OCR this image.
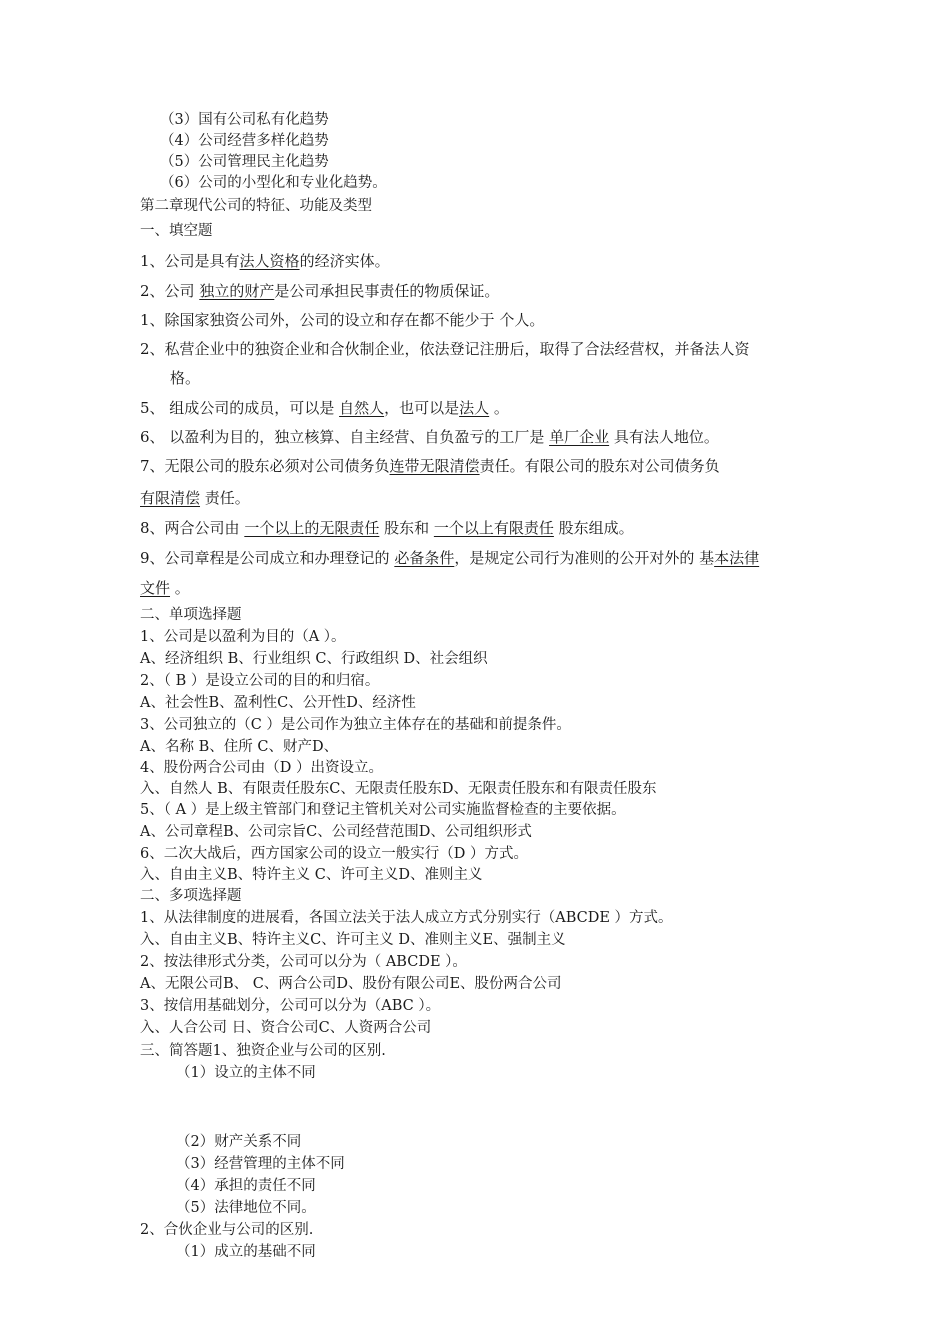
（3）国有公司私有化趋势
（4）公司经营多样化趋势
（5）公司管理民主化趋势
（6）公司的小型化和专业化趋势。
第二章现代公司的特征、功能及类型
一、填空题
1、公司是具有法人资格的经济实体。
2、公司 独立的财产是公司承担民事责任的物质保证。
1、除国家独资公司外，公司的设立和存在都不能少于 个人。
2、私营企业中的独资企业和合伙制企业，依法登记注册后，取得了合法经营权，并备法人资
格。
5、 组成公司的成员，可以是 自然人，也可以是法人 。
6、 以盈利为目的，独立核算、自主经营、自负盈亏的工厂是 单厂企业 具有法人地位。
7、无限公司的股东必须对公司债务负连带无限清偿责任。有限公司的股东对公司债务负
有限清偿 责任。
8、两合公司由 一个以上的无限责任 股东和 一个以上有限责任 股东组成。
9、公司章程是公司成立和办理登记的 必备条件，是规定公司行为准则的公开对外的 基本法律
文件 。
二、单项选择题
1、公司是以盈利为目的（A ）。
A、经济组织 B、行业组织 C、行政组织 D、社会组织
2、（ B ）是设立公司的目的和归宿。
A、社会性B、盈利性C、公开性D、经济性
3、公司独立的（C ）是公司作为独立主体存在的基础和前提条件。
A、名称 B、住所 C、财产D、
4、股份两合公司由（D ）出资设立。
入、自然人 B、有限责任股东C、无限责任股东D、无限责任股东和有限责任股东
5、（ A ）是上级主管部门和登记主管机关对公司实施监督检查的主要依据。
A、公司章程B、公司宗旨C、公司经营范围D、公司组织形式
6、二次大战后，西方国家公司的设立一般实行（D ）方式。
入、自由主义B、特许主义 C、许可主义D、准则主义
二、多项选择题
1、从法律制度的进展看，各国立法关于法人成立方式分别实行（ABCDE ）方式。
入、自由主义B、特许主义C、许可主义 D、准则主义E、强制主义
2、按法律形式分类，公司可以分为（ ABCDE ）。
A、无限公司B、 C、两合公司D、股份有限公司E、股份两合公司
3、按信用基础划分，公司可以分为（ABC ）。
入、人合公司 日、资合公司C、人资两合公司
三、简答题1、独资企业与公司的区别.
（1）设立的主体不同
（2）财产关系不同
（3）经营管理的主体不同
（4）承担的责任不同
（5）法律地位不同。
2、合伙企业与公司的区别.
（1）成立的基础不同
